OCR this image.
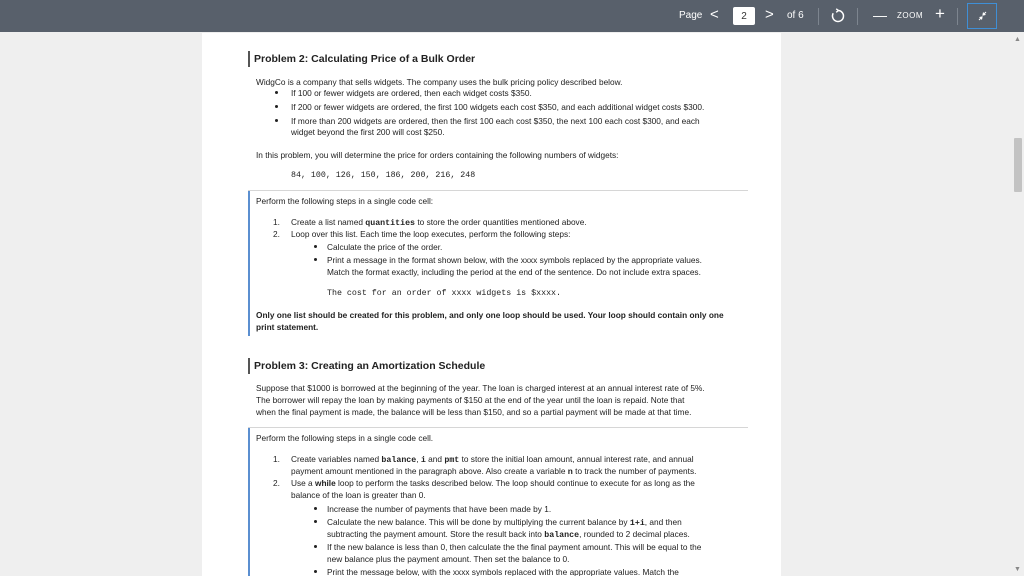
Page <
2	> of 6	— ZOOM +
▲
▼
Problem 2: Calculating Price of a Bulk Order
WidgCo is a company that sells widgets. The company uses the bulk pricing policy described below.
If 100 or fewer widgets are ordered, then each widget costs $350.
If 200 or fewer widgets are ordered, the first 100 widgets each cost $350, and each additional widget costs $300.
If more than 200 widgets are ordered, then the first 100 each cost $350, the next 100 each cost $300, and each
widget beyond the first 200 will cost $250.
In this problem, you will determine the price for orders containing the following numbers of widgets:
84, 100, 126, 150, 186, 200, 216, 248
Perform the following steps in a single code cell:
1. Create a list named quantities to store the order quantities mentioned above.
2. Loop over this list. Each time the loop executes, perform the following steps:
Calculate the price of the order.
Print a message in the format shown below, with the xxxx symbols replaced by the appropriate values.
Match the format exactly, including the period at the end of the sentence. Do not include extra spaces.
The cost for an order of xxxx widgets is $xxxx.
Only one list should be created for this problem, and only one loop should be used. Your loop should contain only one
print statement.
Problem 3: Creating an Amortization Schedule
Suppose that $1000 is borrowed at the beginning of the year. The loan is charged interest at an annual interest rate of 5%.
The borrower will repay the loan by making payments of $150 at the end of the year until the loan is repaid. Note that
when the final payment is made, the balance will be less than $150, and so a partial payment will be made at that time.
Perform the following steps in a single code cell.
1. Create variables named balance, i and pmt to store the initial loan amount, annual interest rate, and annual
payment amount mentioned in the paragraph above. Also create a variable n to track the number of payments.
2. Use a while loop to perform the tasks described below. The loop should continue to execute for as long as the
balance of the loan is greater than 0.
Increase the number of payments that have been made by 1.
Calculate the new balance. This will be done by multiplying the current balance by 1+i, and then
subtracting the payment amount. Store the result back into balance, rounded to 2 decimal places.
If the new balance is less than 0, then calculate the the final payment amount. This will be equal to the
new balance plus the payment amount. Then set the balance to 0.
Print the message below, with the xxxx symbols replaced with the appropriate values. Match the
